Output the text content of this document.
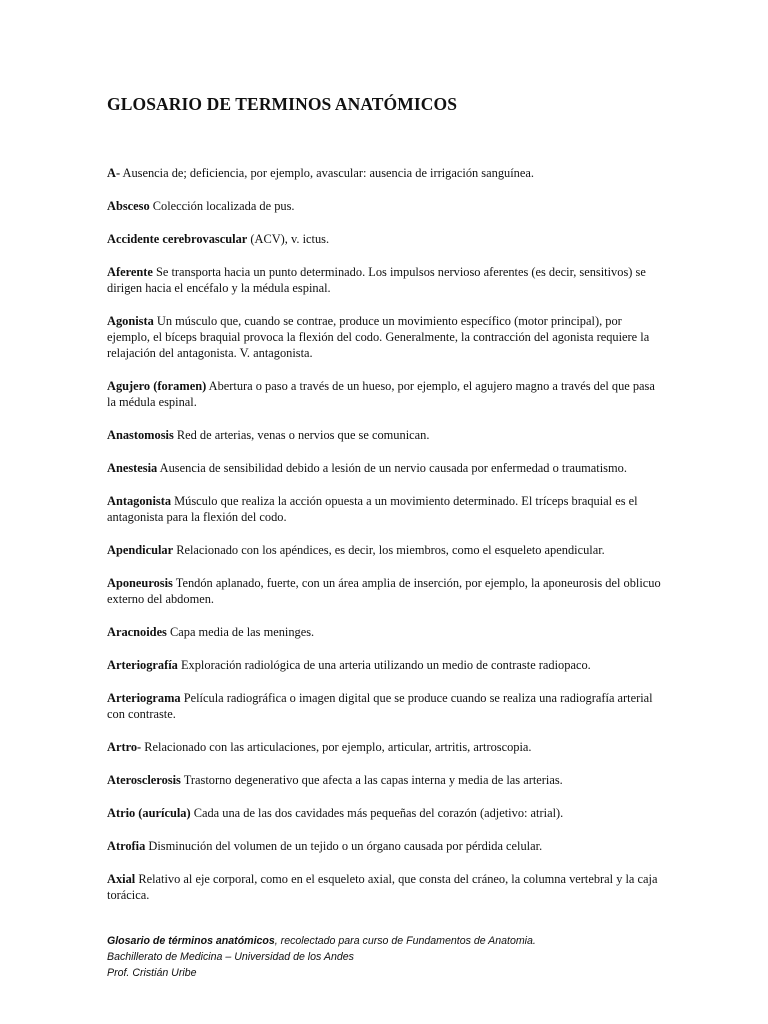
GLOSARIO DE TERMINOS ANATÓMICOS

A- Ausencia de; deficiencia, por ejemplo, avascular: ausencia de irrigación sanguínea.

Absceso Colección localizada de pus.

Accidente cerebrovascular (ACV), v. ictus.

Aferente Se transporta hacia un punto determinado. Los impulsos nervioso aferentes (es decir, sensitivos) se dirigen hacia el encéfalo y la médula espinal.

Agonista Un músculo que, cuando se contrae, produce un movimiento específico (motor principal), por ejemplo, el bíceps braquial provoca la flexión del codo. Generalmente, la contracción del agonista requiere la relajación del antagonista. V. antagonista.

Agujero (foramen) Abertura o paso a través de un hueso, por ejemplo, el agujero magno a través del que pasa la médula espinal.

Anastomosis Red de arterias, venas o nervios que se comunican.

Anestesia Ausencia de sensibilidad debido a lesión de un nervio causada por enfermedad o traumatismo.

Antagonista Músculo que realiza la acción opuesta a un movimiento determinado. El tríceps braquial es el antagonista para la flexión del codo.

Apendicular Relacionado con los apéndices, es decir, los miembros, como el esqueleto apendicular.

Aponeurosis Tendón aplanado, fuerte, con un área amplia de inserción, por ejemplo, la aponeurosis del oblicuo externo del abdomen.

Aracnoides Capa media de las meninges.

Arteriografía Exploración radiológica de una arteria utilizando un medio de contraste radiopaco.

Arteriograma Película radiográfica o imagen digital que se produce cuando se realiza una radiografía arterial con contraste.

Artro- Relacionado con las articulaciones, por ejemplo, articular, artritis, artroscopia.

Aterosclerosis Trastorno degenerativo que afecta a las capas interna y media de las arterias.

Atrio (aurícula) Cada una de las dos cavidades más pequeñas del corazón (adjetivo: atrial).

Atrofia Disminución del volumen de un tejido o un órgano causada por pérdida celular.

Axial Relativo al eje corporal, como en el esqueleto axial, que consta del cráneo, la columna vertebral y la caja torácica.

Glosario de términos anatómicos, recolectado para curso de Fundamentos de Anatomia.
Bachillerato de Medicina – Universidad de los Andes
Prof. Cristián Uribe
